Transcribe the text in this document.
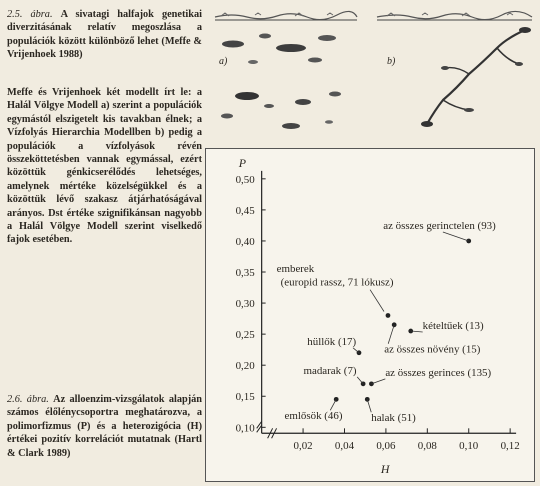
2.5. ábra. A sivatagi halfajok genetikai diverzitásának relatív megoszlása a populációk között különböző lehet (Meffe & Vrijenhoek 1988)
Meffe és Vrijenhoek két modellt írt le: a Halál Völgye Modell a) szerint a populációk egymástól elszigetelt kis tavakban élnek; a Vízfolyás Hierarchia Modellben b) pedig a populációk a vízfolyások révén összeköttetésben vannak egymással, ezért közöttük génkicserélődés lehetséges, amelynek mértéke közelségükkel és a közöttük lévő szakasz átjárhatóságával arányos. Dst értéke szignifikánsan nagyobb a Halál Völgye Modell szerint viselkedő fajok esetében.
2.6. ábra. Az alloenzim-vizsgálatok alapján számos élőlénycsoportra meghatározva, a polimorfizmus (P) és a heterozigócia (H) értékei pozitív korrelációt mutatnak (Hartl & Clark 1989)
a)	b)
0,10
0,15
0,20
0,25
0,30
0,35
0,40
0,45
0,50
0,02 0,04 0,06 0,08 0,10 0,12
az összes gerinctelen (93)
emberek
(europid rassz, 71 lókusz)
kételtűek (13)
az összes növény (15)
hüllők (17)
madarak (7)	az összes gerinces (135)
emlősök (46)	halak (51)
P
H
